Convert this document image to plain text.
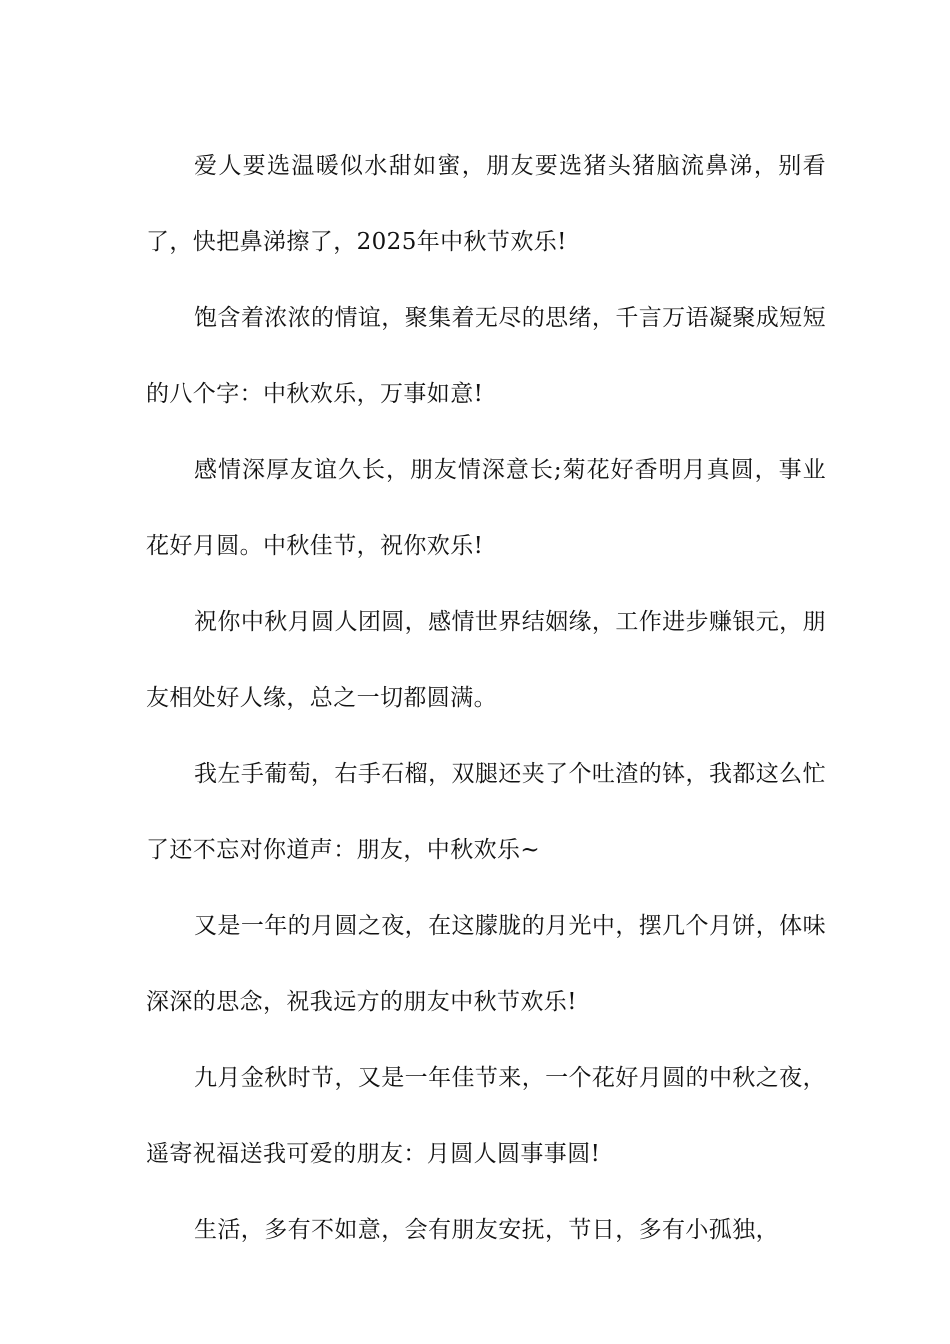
爱人要选温暖似水甜如蜜，朋友要选猪头猪脑流鼻涕，别看了，快把鼻涕擦了，2025年中秋节欢乐!

饱含着浓浓的情谊，聚集着无尽的思绪，千言万语凝聚成短短的八个字：中秋欢乐，万事如意!

感情深厚友谊久长，朋友情深意长;菊花好香明月真圆，事业花好月圆。中秋佳节，祝你欢乐!

祝你中秋月圆人团圆，感情世界结姻缘，工作进步赚银元，朋友相处好人缘，总之一切都圆满。

我左手葡萄，右手石榴，双腿还夹了个吐渣的钵，我都这么忙了还不忘对你道声：朋友，中秋欢乐~

又是一年的月圆之夜，在这朦胧的月光中，摆几个月饼，体味深深的思念，祝我远方的朋友中秋节欢乐!

九月金秋时节，又是一年佳节来，一个花好月圆的中秋之夜，遥寄祝福送我可爱的朋友：月圆人圆事事圆!

生活，多有不如意，会有朋友安抚，节日，多有小孤独，
